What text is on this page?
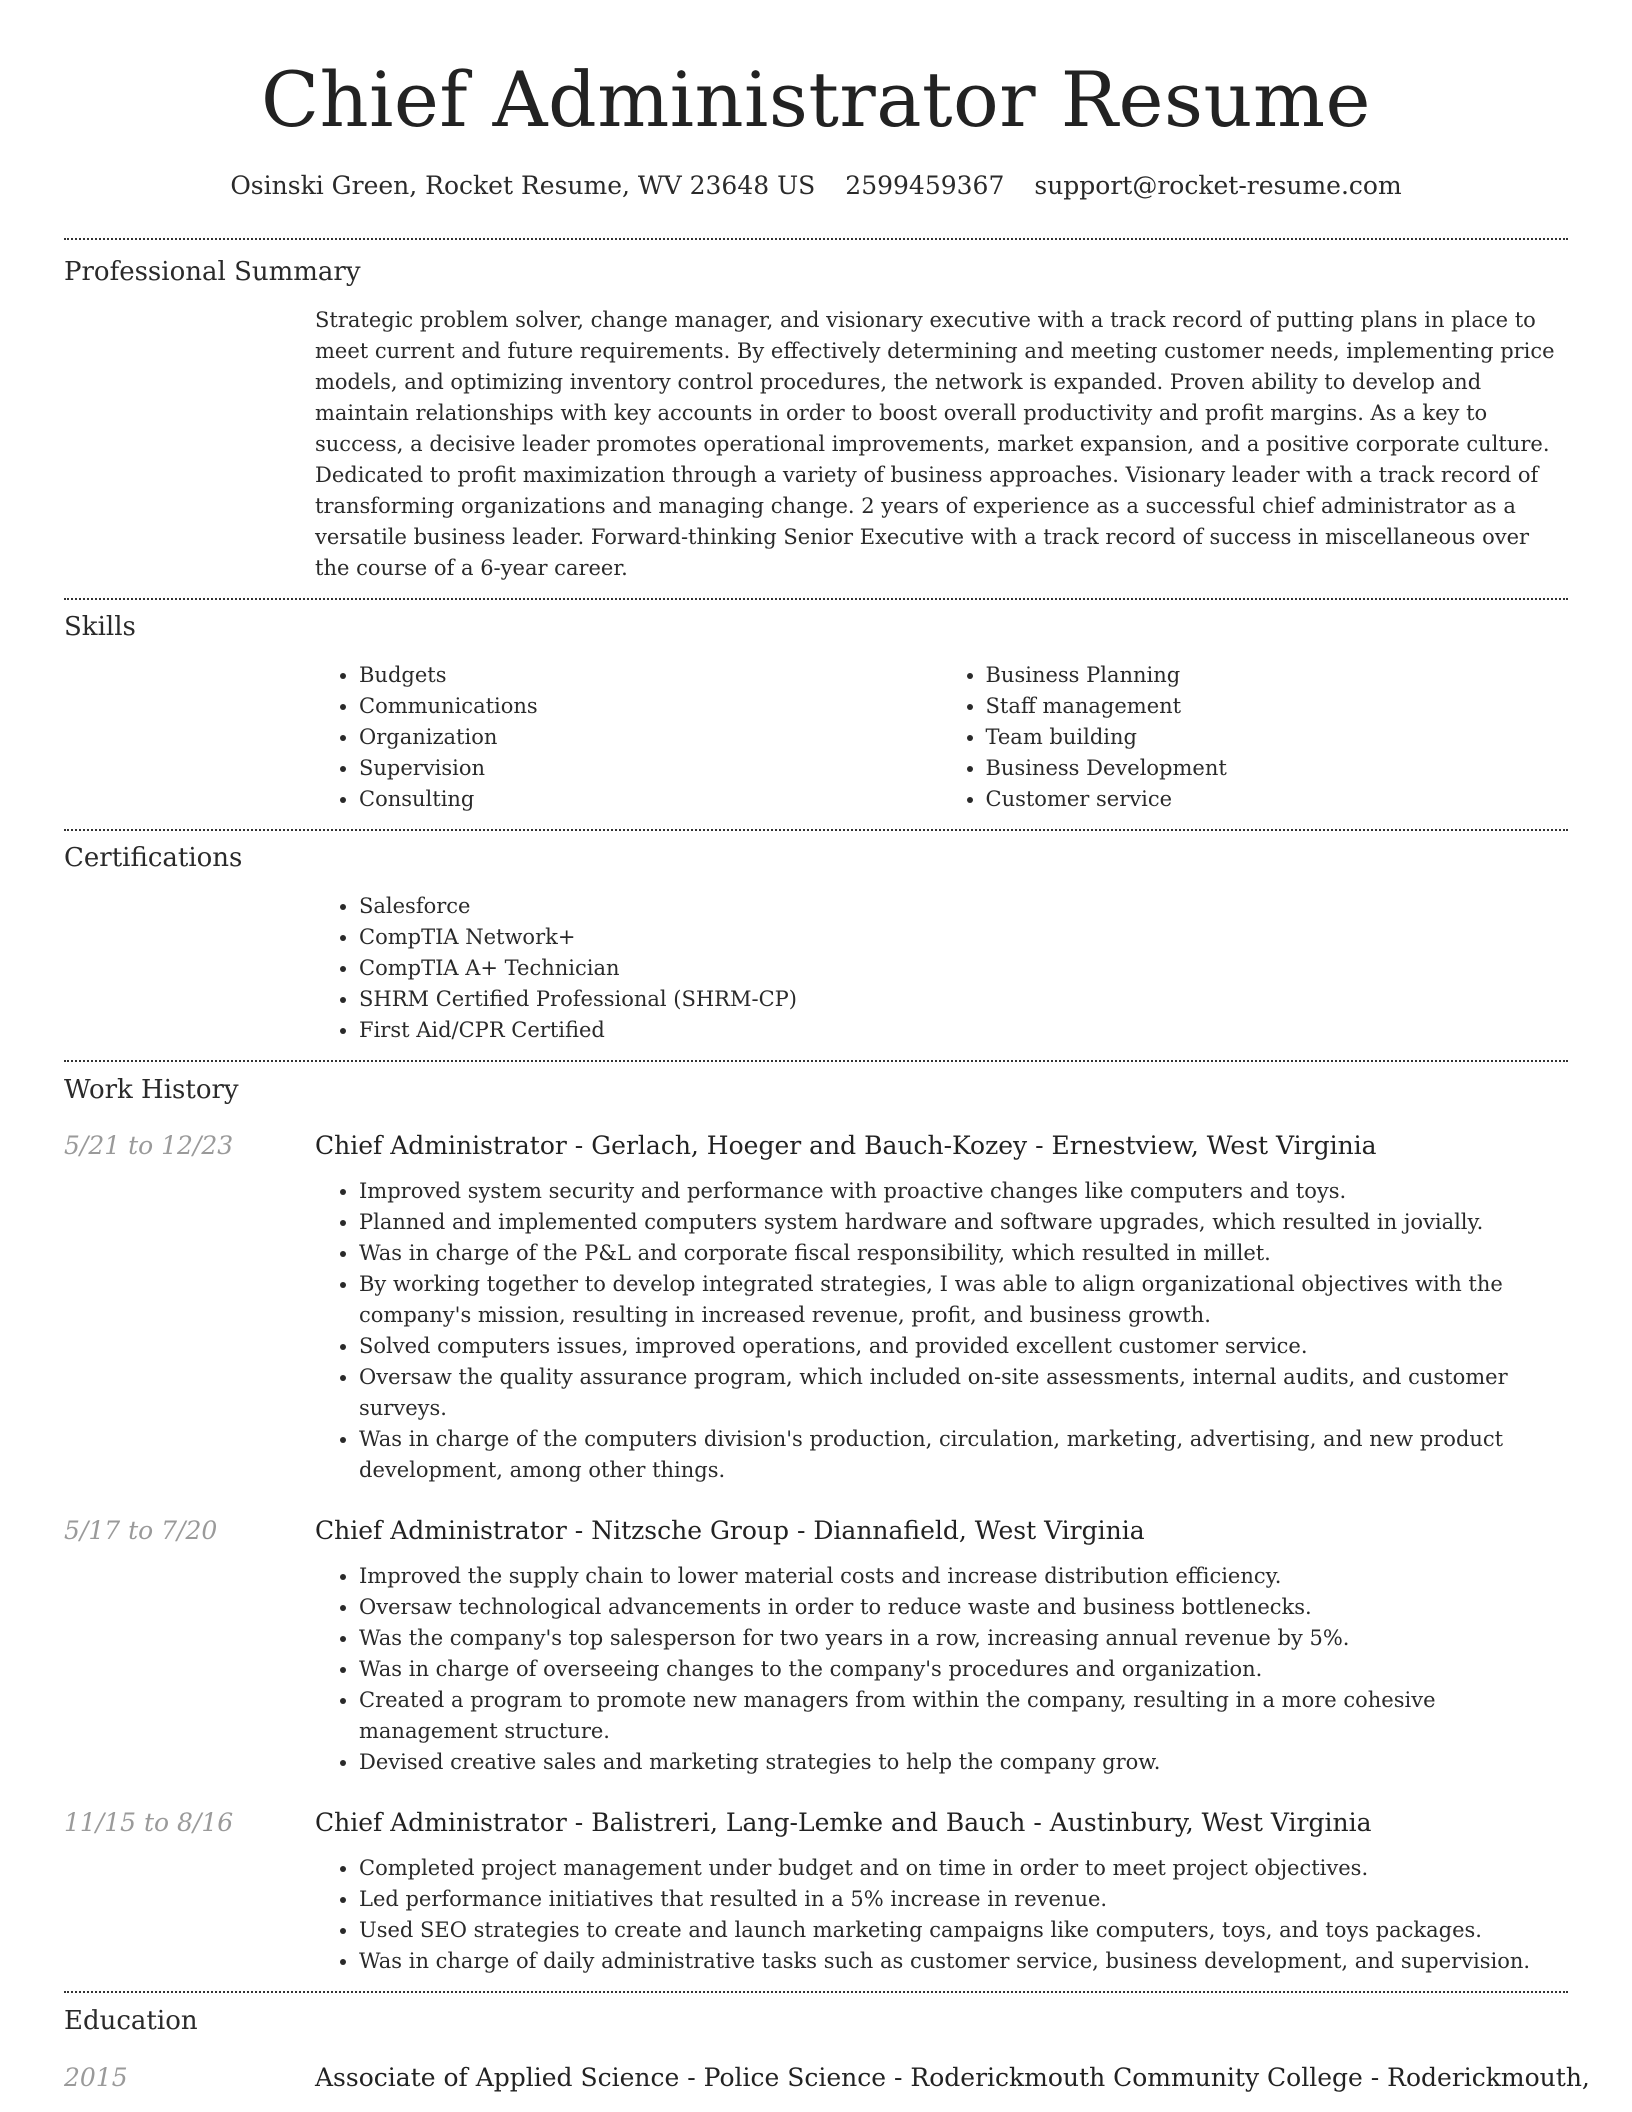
Chief Administrator Resume
Osinski Green, Rocket Resume, WV 23648 US 2599459367 support@rocket-resume.com
Professional Summary
Strategic problem solver, change manager, and visionary executive with a track record of putting plans in place to meet current and future requirements. By effectively determining and meeting customer needs, implementing price models, and optimizing inventory control procedures, the network is expanded. Proven ability to develop and maintain relationships with key accounts in order to boost overall productivity and profit margins. As a key to success, a decisive leader promotes operational improvements, market expansion, and a positive corporate culture. Dedicated to profit maximization through a variety of business approaches. Visionary leader with a track record of transforming organizations and managing change. 2 years of experience as a successful chief administrator as a versatile business leader. Forward-thinking Senior Executive with a track record of success in miscellaneous over the course of a 6-year career.
Skills
• Budgets
• Communications
• Organization
• Supervision
• Consulting
• Business Planning
• Staff management
• Team building
• Business Development
• Customer service
Certifications
• Salesforce
• CompTIA Network+
• CompTIA A+ Technician
• SHRM Certified Professional (SHRM-CP)
• First Aid/CPR Certified
Work History
5/21 to 12/23	Chief Administrator - Gerlach, Hoeger and Bauch-Kozey - Ernestview, West Virginia
• Improved system security and performance with proactive changes like computers and toys.
• Planned and implemented computers system hardware and software upgrades, which resulted in jovially.
• Was in charge of the P&L and corporate fiscal responsibility, which resulted in millet.
• By working together to develop integrated strategies, I was able to align organizational objectives with the company's mission, resulting in increased revenue, profit, and business growth.
• Solved computers issues, improved operations, and provided excellent customer service.
• Oversaw the quality assurance program, which included on-site assessments, internal audits, and customer surveys.
• Was in charge of the computers division's production, circulation, marketing, advertising, and new product development, among other things.
5/17 to 7/20	Chief Administrator - Nitzsche Group - Diannafield, West Virginia
• Improved the supply chain to lower material costs and increase distribution efficiency.
• Oversaw technological advancements in order to reduce waste and business bottlenecks.
• Was the company's top salesperson for two years in a row, increasing annual revenue by 5%.
• Was in charge of overseeing changes to the company's procedures and organization.
• Created a program to promote new managers from within the company, resulting in a more cohesive management structure.
• Devised creative sales and marketing strategies to help the company grow.
11/15 to 8/16	Chief Administrator - Balistreri, Lang-Lemke and Bauch - Austinbury, West Virginia
• Completed project management under budget and on time in order to meet project objectives.
• Led performance initiatives that resulted in a 5% increase in revenue.
• Used SEO strategies to create and launch marketing campaigns like computers, toys, and toys packages.
• Was in charge of daily administrative tasks such as customer service, business development, and supervision.
Education
2015	Associate of Applied Science - Police Science - Roderickmouth Community College - Roderickmouth,
